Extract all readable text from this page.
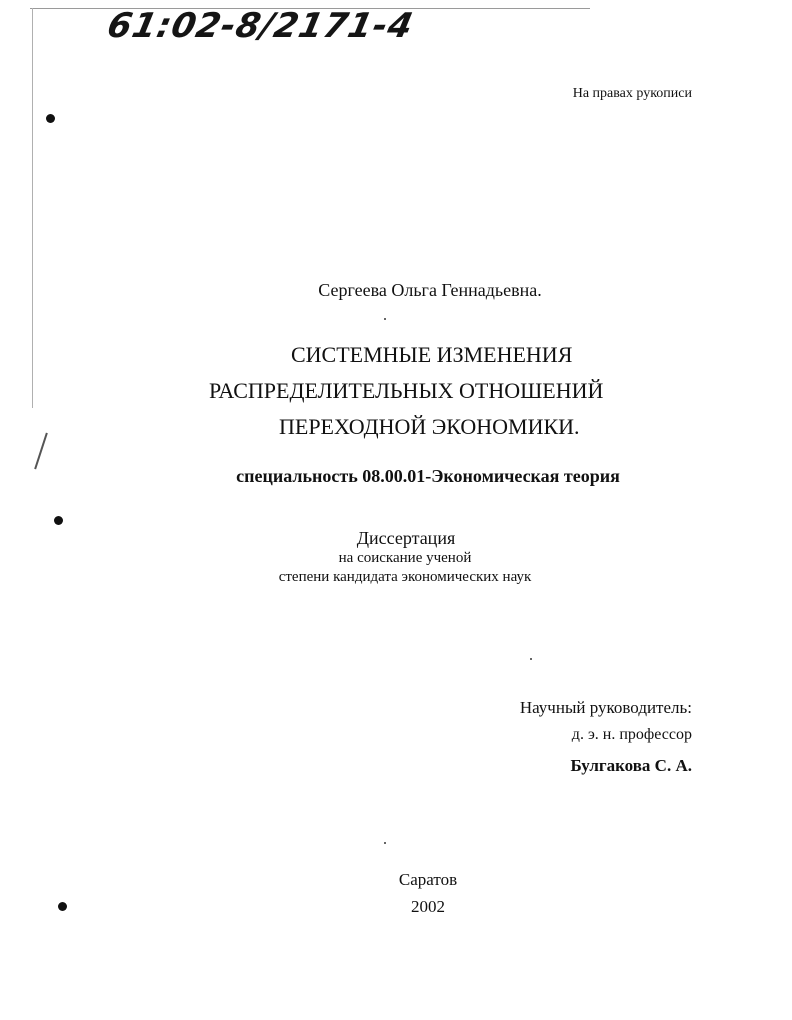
61:02-8/2171-4
На правах рукописи
Сергеева Ольга Геннадьевна.
СИСТЕМНЫЕ ИЗМЕНЕНИЯ
РАСПРЕДЕЛИТЕЛЬНЫХ ОТНОШЕНИЙ
ПЕРЕХОДНОЙ ЭКОНОМИКИ.
специальность 08.00.01-Экономическая теория
Диссертация
на соискание ученой
степени кандидата экономических наук
Научный руководитель:
д. э. н. профессор
Булгакова С. А.
Саратов
2002
